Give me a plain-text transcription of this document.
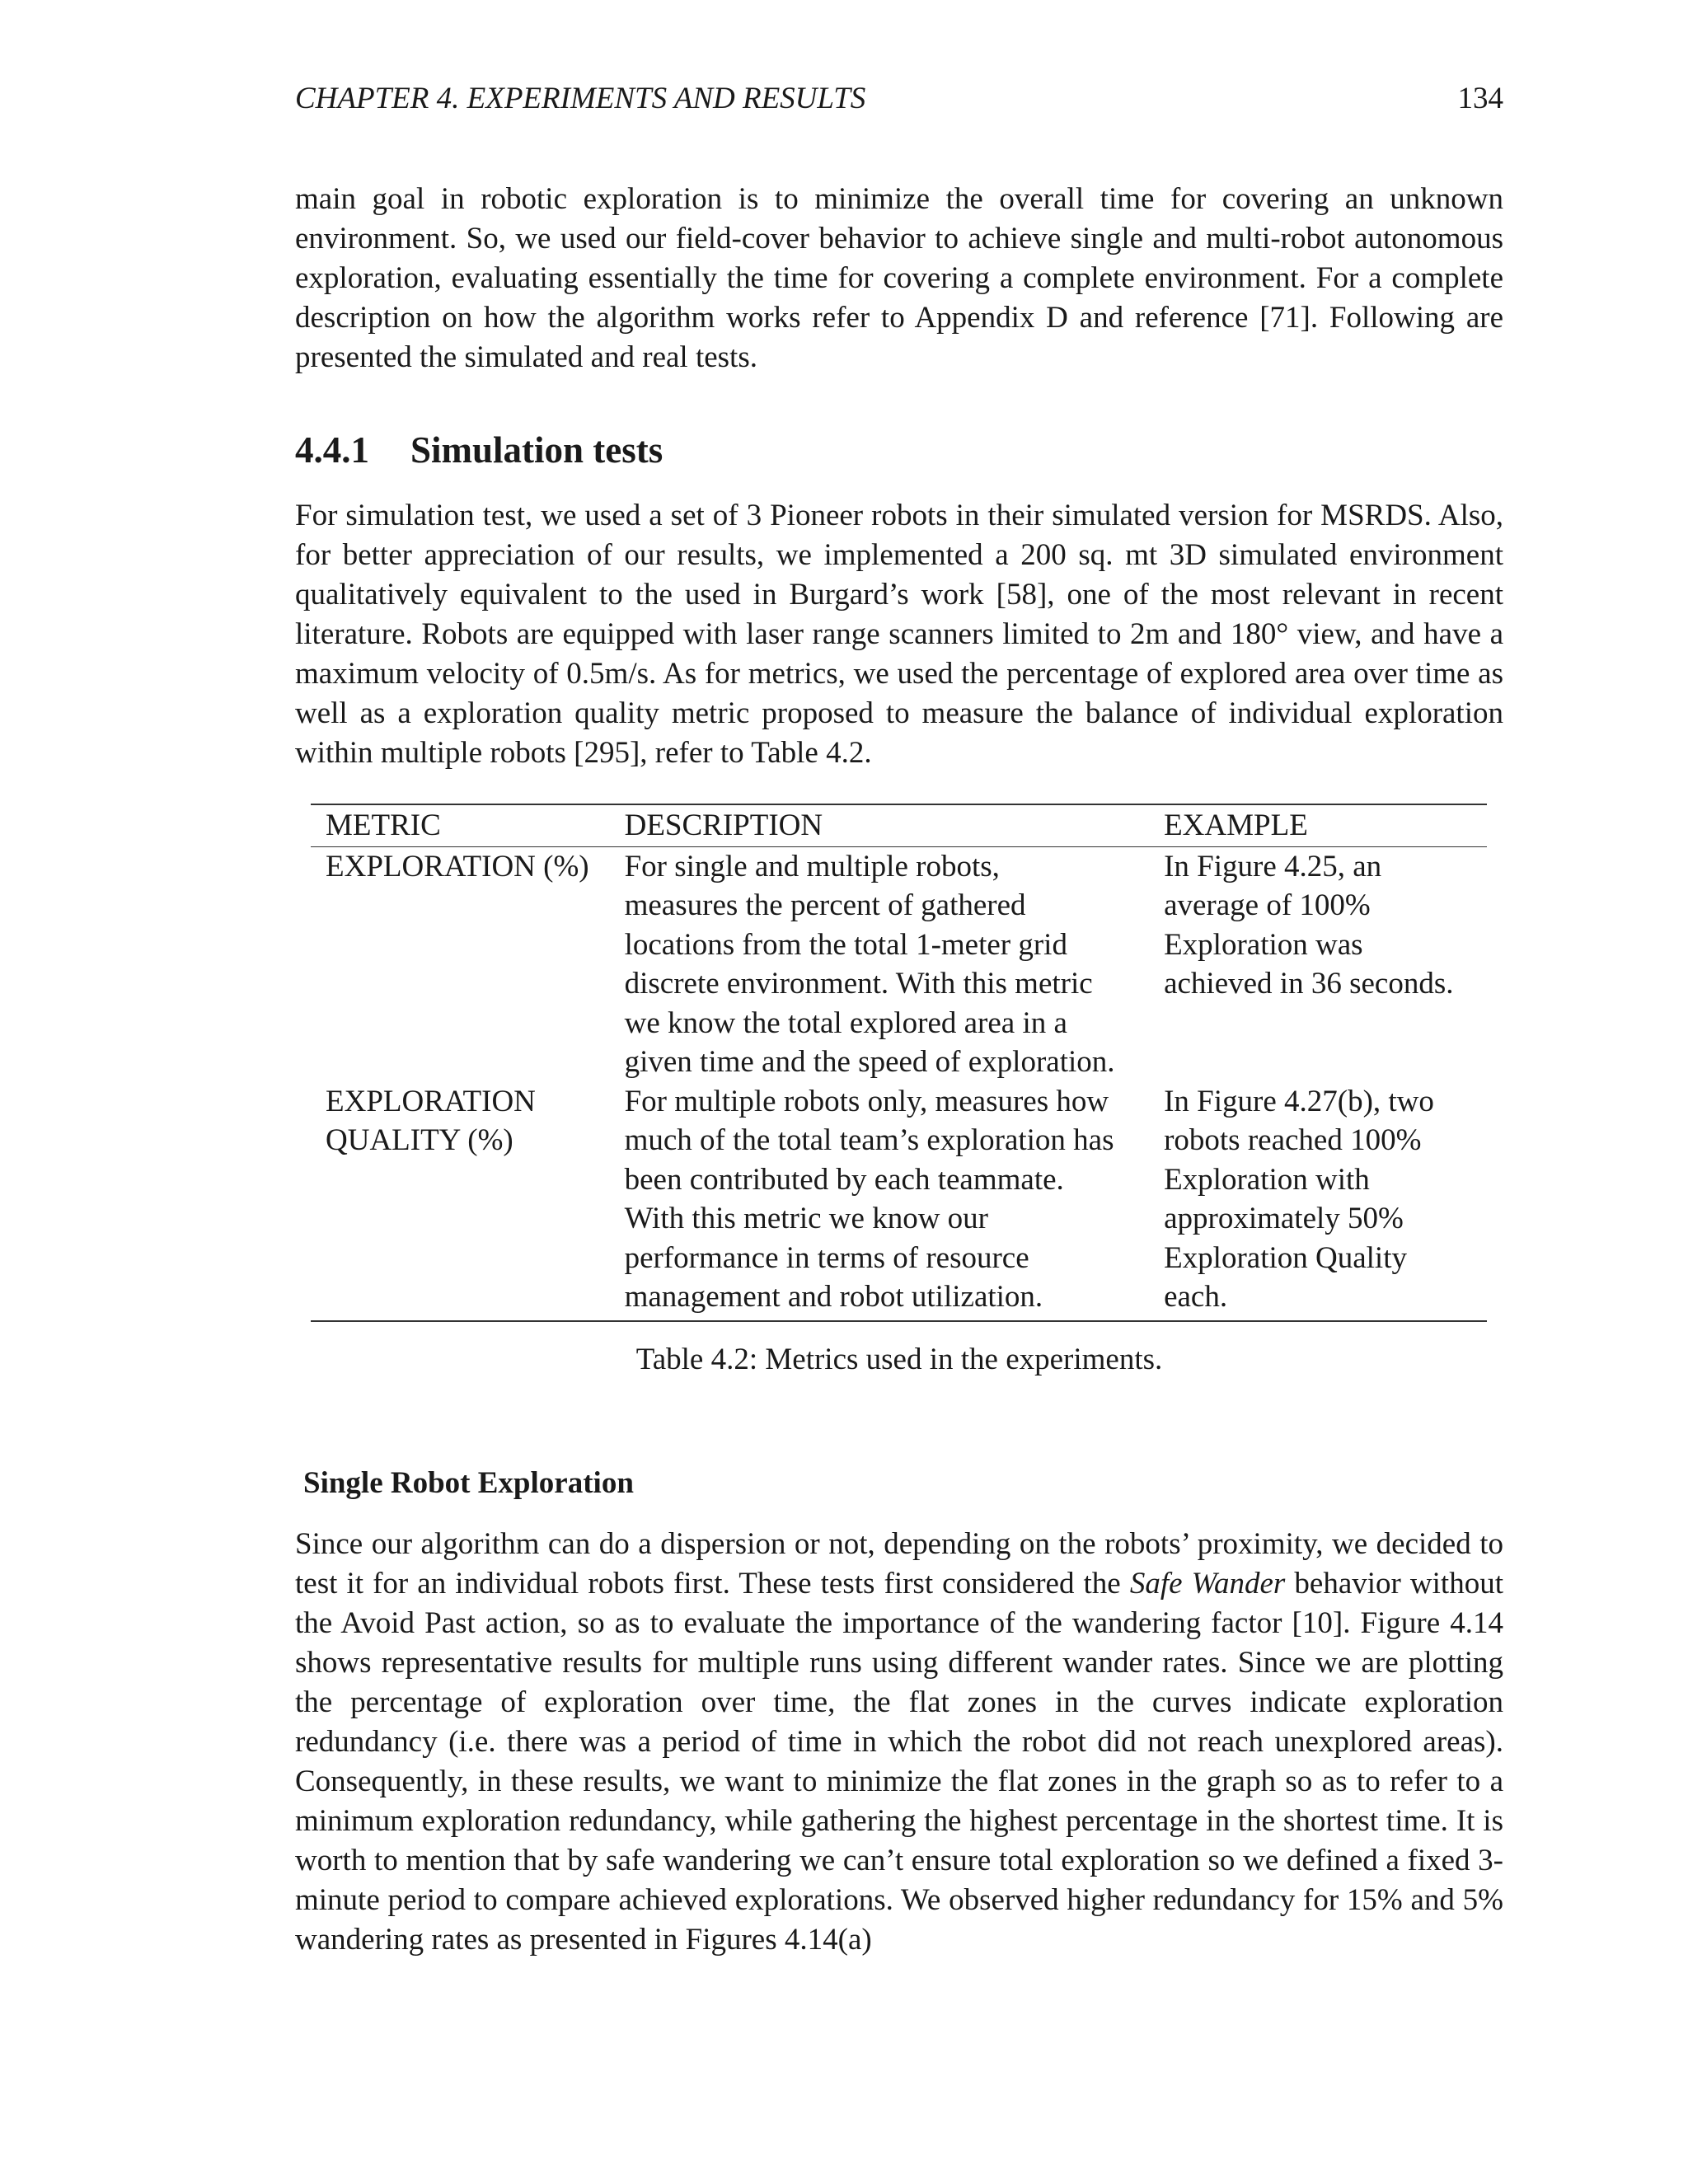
CHAPTER 4. EXPERIMENTS AND RESULTS	134

main goal in robotic exploration is to minimize the overall time for covering an unknown environment. So, we used our field-cover behavior to achieve single and multi-robot autonomous exploration, evaluating essentially the time for covering a complete environment. For a complete description on how the algorithm works refer to Appendix D and reference [71]. Following are presented the simulated and real tests.

4.4.1 Simulation tests

For simulation test, we used a set of 3 Pioneer robots in their simulated version for MSRDS. Also, for better appreciation of our results, we implemented a 200 sq. mt 3D simulated environment qualitatively equivalent to the used in Burgard’s work [58], one of the most relevant in recent literature. Robots are equipped with laser range scanners limited to 2m and 180° view, and have a maximum velocity of 0.5m/s. As for metrics, we used the percentage of explored area over time as well as a exploration quality metric proposed to measure the balance of individual exploration within multiple robots [295], refer to Table 4.2.

METRIC	DESCRIPTION	EXAMPLE
EXPLORATION (%)	For single and multiple robots, measures the percent of gathered locations from the total 1-meter grid discrete environment. With this metric we know the total explored area in a given time and the speed of exploration.	In Figure 4.25, an average of 100% Exploration was achieved in 36 seconds.
EXPLORATION QUALITY (%)	For multiple robots only, measures how much of the total team’s exploration has been contributed by each teammate. With this metric we know our performance in terms of resource management and robot utilization.	In Figure 4.27(b), two robots reached 100% Exploration with approximately 50% Exploration Quality each.
Table 4.2: Metrics used in the experiments.
Single Robot Exploration

Since our algorithm can do a dispersion or not, depending on the robots’ proximity, we decided to test it for an individual robots first. These tests first considered the Safe Wander behavior without the Avoid Past action, so as to evaluate the importance of the wandering factor [10]. Figure 4.14 shows representative results for multiple runs using different wander rates. Since we are plotting the percentage of exploration over time, the flat zones in the curves indicate exploration redundancy (i.e. there was a period of time in which the robot did not reach unexplored areas). Consequently, in these results, we want to minimize the flat zones in the graph so as to refer to a minimum exploration redundancy, while gathering the highest percentage in the shortest time. It is worth to mention that by safe wandering we can’t ensure total exploration so we defined a fixed 3-minute period to compare achieved explorations. We observed higher redundancy for 15% and 5% wandering rates as presented in Figures 4.14(a)
